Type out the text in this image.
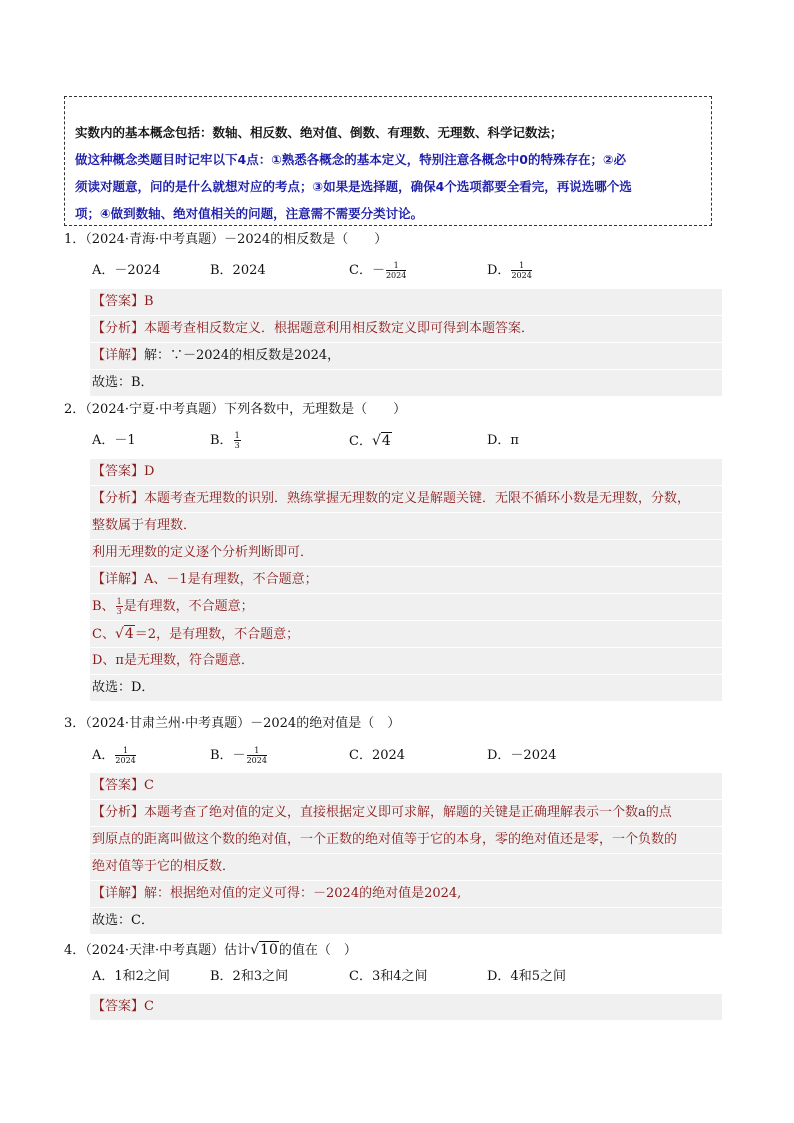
实数内的基本概念包括：数轴、相反数、绝对值、倒数、有理数、无理数、科学记数法；
做这种概念类题目时记牢以下4点：①熟悉各概念的基本定义，特别注意各概念中0的特殊存在；②必
须读对题意，问的是什么就想对应的考点；③如果是选择题，确保4个选项都要全看完，再说选哪个选
项；④做到数轴、绝对值相关的问题，注意需不需要分类讨论。
1．（2024·青海·中考真题）－2024的相反数是（　　）
A．－2024	B．2024	C．－ $\frac{1}{2024}$	D． $\frac{1}{2024}$
【答案】B
【分析】本题考查相反数定义．根据题意利用相反数定义即可得到本题答案．
【详解】解：∵－2024的相反数是2024，
故选：B．
2．（2024·宁夏·中考真题）下列各数中，无理数是（　　）
A．－1	B． $\frac{1}{3}$	C．√4	D．π
【答案】D
【分析】本题考查无理数的识别．熟练掌握无理数的定义是解题关键．无限不循环小数是无理数，分数，
整数属于有理数．
利用无理数的定义逐个分析判断即可．
【详解】A、－1是有理数，不合题意；
B、 $\frac{1}{3}$ 是有理数，不合题意；
C、√4＝2，是有理数，不合题意；
D、π是无理数，符合题意．
故选：D．
3．（2024·甘肃兰州·中考真题）－2024的绝对值是（　）
A． $\frac{1}{2024}$	B．－ $\frac{1}{2024}$	C．2024	D．－2024
【答案】C
【分析】本题考查了绝对值的定义，直接根据定义即可求解，解题的关键是正确理解表示一个数a的点
到原点的距离叫做这个数的绝对值，一个正数的绝对值等于它的本身，零的绝对值还是零，一个负数的
绝对值等于它的相反数．
【详解】解：根据绝对值的定义可得：－2024的绝对值是2024,
故选：C．
4．（2024·天津·中考真题）估计√10的值在（　）
A．1和2之间	B．2和3之间	C．3和4之间	D．4和5之间
【答案】C
